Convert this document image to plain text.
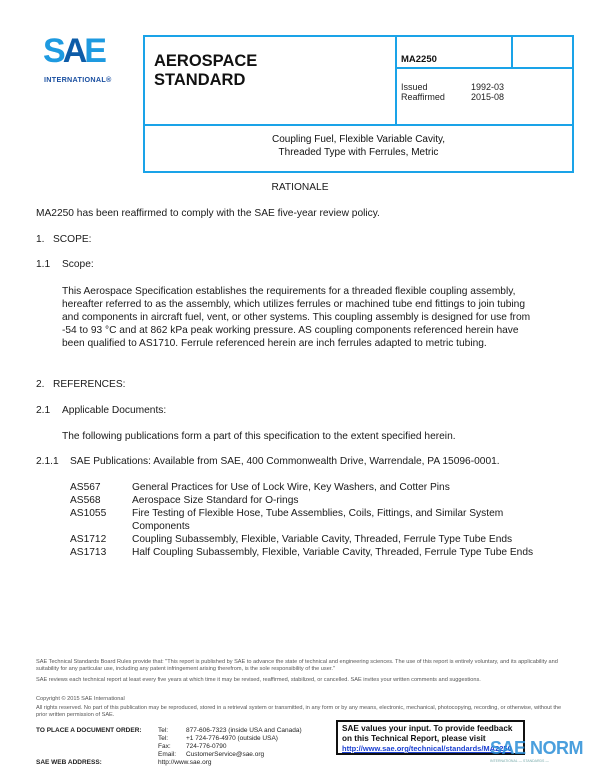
SAE
INTERNATIONAL®
AEROSPACE
STANDARD
MA2250
Issued	1992-03
Reaffirmed	2015-08
Coupling Fuel, Flexible Variable Cavity,
Threaded Type with Ferrules, Metric
RATIONALE
MA2250 has been reaffirmed to comply with the SAE five-year review policy.
1. SCOPE:
1.1 Scope:
This Aerospace Specification establishes the requirements for a threaded flexible coupling assembly, hereafter referred to as the assembly, which utilizes ferrules or machined tube end fittings to join tubing and components in aircraft fuel, vent, or other systems. This coupling assembly is designed for use from -54 to 93 °C and at 862 kPa peak working pressure. AS coupling components referenced herein have been qualified to AS1710. Ferrule referenced herein are inch ferrules adapted to metric tubing.
2. REFERENCES:
2.1 Applicable Documents:
The following publications form a part of this specification to the extent specified herein.
2.1.1 SAE Publications: Available from SAE, 400 Commonwealth Drive, Warrendale, PA 15096-0001.
AS567	General Practices for Use of Lock Wire, Key Washers, and Cotter Pins
AS568	Aerospace Size Standard for O-rings
AS1055	Fire Testing of Flexible Hose, Tube Assemblies, Coils, Fittings, and Similar System Components
AS1712	Coupling Subassembly, Flexible, Variable Cavity, Threaded, Ferrule Type Tube Ends
AS1713	Half Coupling Subassembly, Flexible, Variable Cavity, Threaded, Ferrule Type Tube Ends
SAE Technical Standards Board Rules provide that: "This report is published by SAE to advance the state of technical and engineering sciences. The use of this report is entirely voluntary, and its applicability and suitability for any particular use, including any patent infringement arising therefrom, is the sole responsibility of the user."
SAE reviews each technical report at least every five years at which time it may be revised, reaffirmed, stabilized, or cancelled. SAE invites your written comments and suggestions.
Copyright © 2015 SAE International
All rights reserved. No part of this publication may be reproduced, stored in a retrieval system or transmitted, in any form or by any means, electronic, mechanical, photocopying, recording, or otherwise, without the prior written permission of SAE.
TO PLACE A DOCUMENT ORDER:	Tel:	877-606-7323 (inside USA and Canada)
Tel:	+1 724-776-4970 (outside USA)
Fax:	724-776-0790
Email:	CustomerService@sae.org
SAE WEB ADDRESS:	http://www.sae.org
SAE values your input. To provide feedback
on this Technical Report, please visit
http://www.sae.org/technical/standards/MA2250
SAE NORM
INTERNATIONAL — STANDARDS —
